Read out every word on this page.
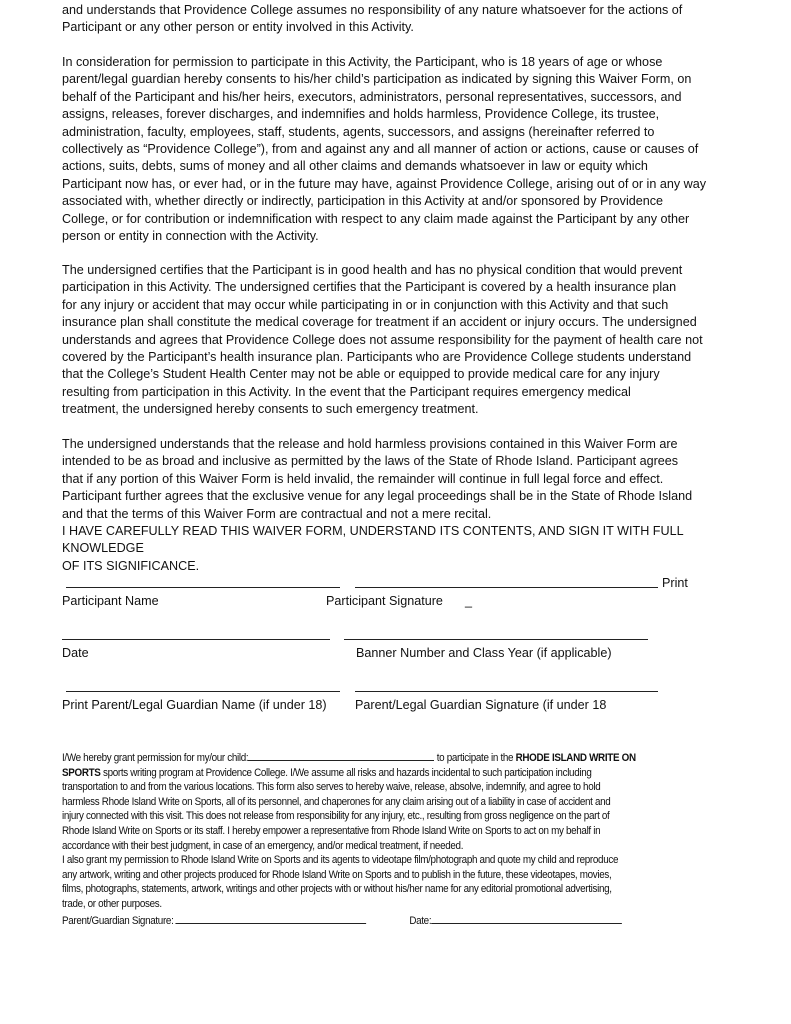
and understands that Providence College assumes no responsibility of any nature whatsoever for the actions of
Participant or any other person or entity involved in this Activity.

In consideration for permission to participate in this Activity, the Participant, who is 18 years of age or whose
parent/legal guardian hereby consents to his/her child’s participation as indicated by signing this Waiver Form, on
behalf of the Participant and his/her heirs, executors, administrators, personal representatives, successors, and
assigns, releases, forever discharges, and indemnifies and holds harmless, Providence College, its trustee,
administration, faculty, employees, staff, students, agents, successors, and assigns (hereinafter referred to
collectively as “Providence College”), from and against any and all manner of action or actions, cause or causes of
actions, suits, debts, sums of money and all other claims and demands whatsoever in law or equity which
Participant now has, or ever had, or in the future may have, against Providence College, arising out of or in any way
associated with, whether directly or indirectly, participation in this Activity at and/or sponsored by Providence
College, or for contribution or indemnification with respect to any claim made against the Participant by any other
person or entity in connection with the Activity.

The undersigned certifies that the Participant is in good health and has no physical condition that would prevent
participation in this Activity. The undersigned certifies that the Participant is covered by a health insurance plan
for any injury or accident that may occur while participating in or in conjunction with this Activity and that such
insurance plan shall constitute the medical coverage for treatment if an accident or injury occurs. The undersigned
understands and agrees that Providence College does not assume responsibility for the payment of health care not
covered by the Participant’s health insurance plan. Participants who are Providence College students understand
that the College’s Student Health Center may not be able or equipped to provide medical care for any injury
resulting from participation in this Activity. In the event that the Participant requires emergency medical
treatment, the undersigned hereby consents to such emergency treatment.

The undersigned understands that the release and hold harmless provisions contained in this Waiver Form are
intended to be as broad and inclusive as permitted by the laws of the State of Rhode Island. Participant agrees
that if any portion of this Waiver Form is held invalid, the remainder will continue in full legal force and effect.
Participant further agrees that the exclusive venue for any legal proceedings shall be in the State of Rhode Island
and that the terms of this Waiver Form are contractual and not a mere recital.
I HAVE CAREFULLY READ THIS WAIVER FORM, UNDERSTAND ITS CONTENTS, AND SIGN IT WITH FULL KNOWLEDGE
OF ITS SIGNIFICANCE.

Print
Participant Name	Participant Signature _
Date	Banner Number and Class Year (if applicable)
Print Parent/Legal Guardian Name (if under 18) Parent/Legal Guardian Signature (if under 18
I/We hereby grant permission for my/our child:	to participate in the RHODE ISLAND WRITE ON
SPORTS sports writing program at Providence College. I/We assume all risks and hazards incidental to such participation including
transportation to and from the various locations. This form also serves to hereby waive, release, absolve, indemnify, and agree to hold
harmless Rhode Island Write on Sports, all of its personnel, and chaperones for any claim arising out of a liability in case of accident and
injury connected with this visit. This does not release from responsibility for any injury, etc., resulting from gross negligence on the part of
Rhode Island Write on Sports or its staff. I hereby empower a representative from Rhode Island Write on Sports to act on my behalf in
accordance with their best judgment, in case of an emergency, and/or medical treatment, if needed.
I also grant my permission to Rhode Island Write on Sports and its agents to videotape film/photograph and quote my child and reproduce
any artwork, writing and other projects produced for Rhode Island Write on Sports and to publish in the future, these videotapes, movies,
films, photographs, statements, artwork, writings and other projects with or without his/her name for any editorial promotional advertising,
trade, or other purposes.
Parent/Guardian Signature:	Date:
